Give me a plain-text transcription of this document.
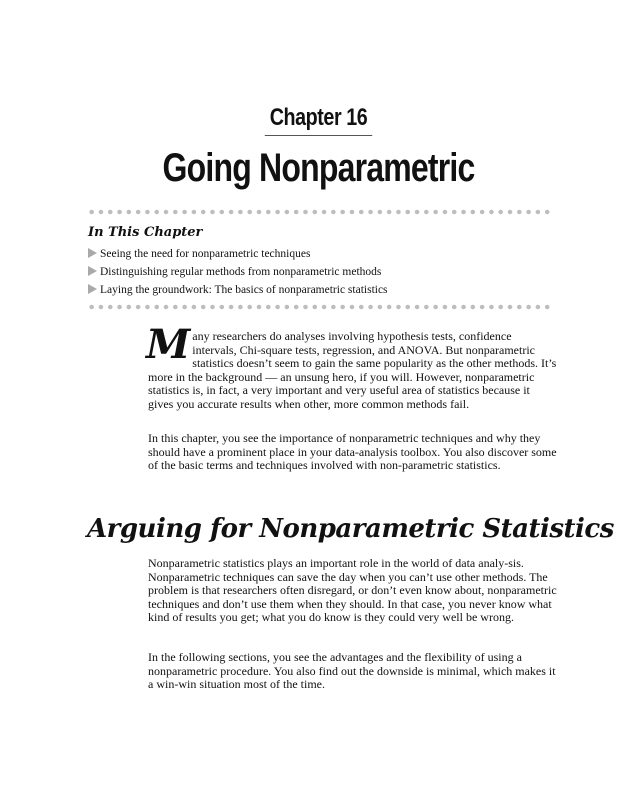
Chapter 16
Going Nonparametric
In This Chapter
Seeing the need for nonparametric techniques
Distinguishing regular methods from nonparametric methods
Laying the groundwork: The basics of nonparametric statistics

Many researchers do analyses involving hypothesis tests, confidence intervals, Chi-square tests, regression, and ANOVA. But nonparametric statistics doesn’t seem to gain the same popularity as the other methods. It’s more in the background — an unsung hero, if you will. However, nonparametric statistics is, in fact, a very important and very useful area of statistics because it gives you accurate results when other, more common methods fail.

In this chapter, you see the importance of nonparametric techniques and why they should have a prominent place in your data-analysis toolbox. You also discover some of the basic terms and techniques involved with non-parametric statistics.

Arguing for Nonparametric Statistics

Nonparametric statistics plays an important role in the world of data analy-sis. Nonparametric techniques can save the day when you can’t use other methods. The problem is that researchers often disregard, or don’t even know about, nonparametric techniques and don’t use them when they should. In that case, you never know what kind of results you get; what you do know is they could very well be wrong.

In the following sections, you see the advantages and the flexibility of using a nonparametric procedure. You also find out the downside is minimal, which makes it a win-win situation most of the time.
